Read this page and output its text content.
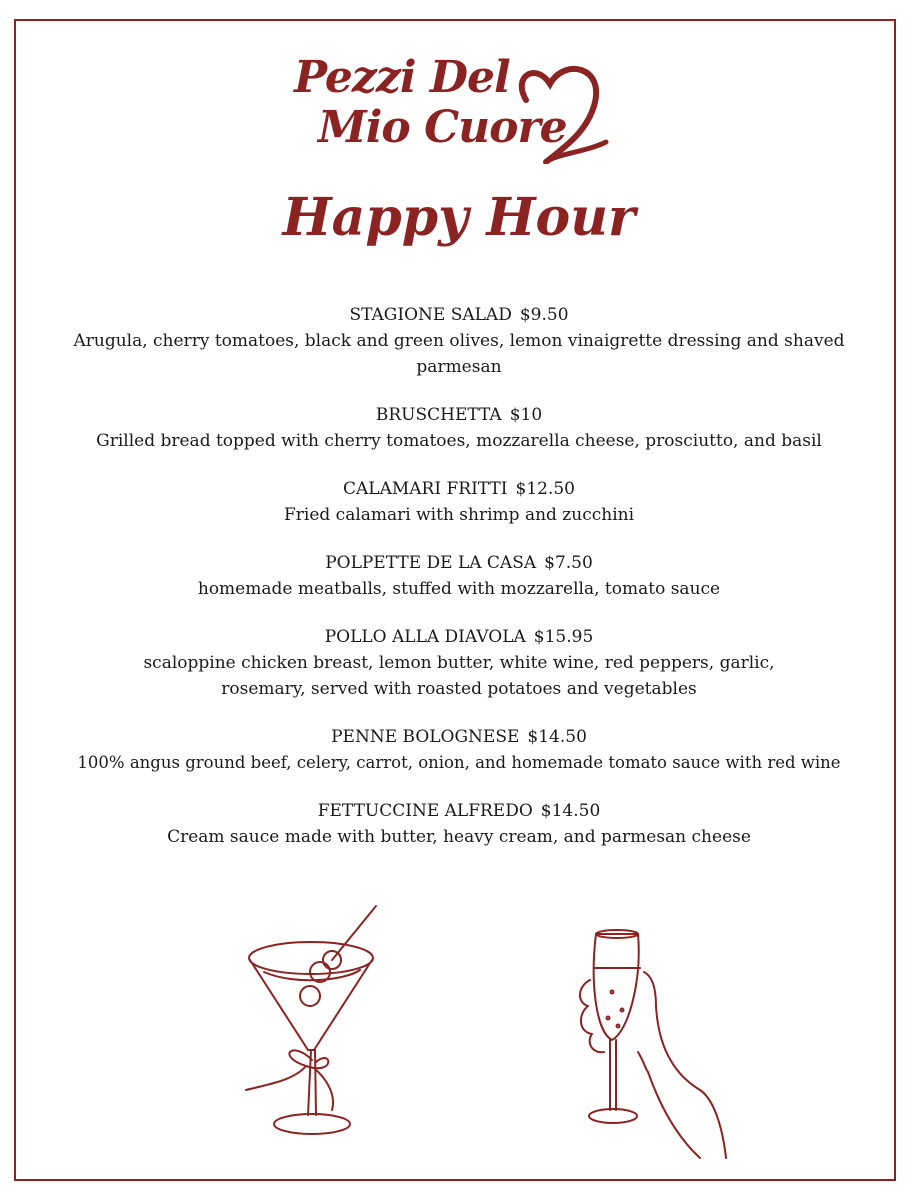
Pezzi Del
Mio Cuore
Happy Hour
STAGIONE SALAD $9.50
Arugula, cherry tomatoes, black and green olives, lemon vinaigrette dressing and shaved parmesan
BRUSCHETTA $10
Grilled bread topped with cherry tomatoes, mozzarella cheese, prosciutto, and basil
CALAMARI FRITTI $12.50
Fried calamari with shrimp and zucchini
POLPETTE DE LA CASA $7.50
homemade meatballs, stuffed with mozzarella, tomato sauce
POLLO ALLA DIAVOLA $15.95
scaloppine chicken breast, lemon butter, white wine, red peppers, garlic, rosemary, served with roasted potatoes and vegetables
PENNE BOLOGNESE $14.50
100% angus ground beef, celery, carrot, onion, and homemade tomato sauce with red wine
FETTUCCINE ALFREDO $14.50
Cream sauce made with butter, heavy cream, and parmesan cheese
